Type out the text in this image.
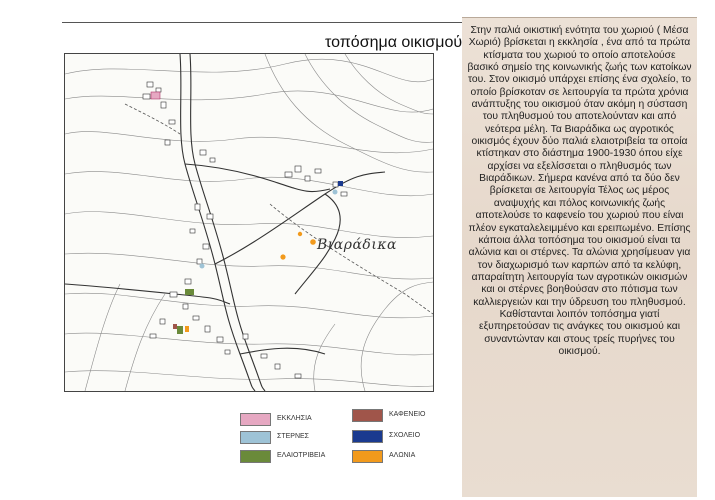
τοπόσημα οικισμού
Βιαράδικα
ΕΚΚΛΗΣΙΑ
ΚΑΦΕΝΕΙΟ
ΣΤΕΡΝΕΣ	ΣΧΟΛΕΙΟ
ΕΛΑΙΟΤΡΙΒΕΙΑ	ΑΛΩΝΙΑ

Στην παλιά οικιστική ενότητα του χωριού ( Μέσα Χωριό) βρίσκεται η εκκλησία , ένα από τα πρώτα κτίσματα του χωριού το οποίο αποτελούσε βασικό σημείο της κοινωνικής ζωής των κατοίκων του. Στον οικισμό υπάρχει επίσης ένα σχολείο, το οποίο βρίσκοταν σε λειτουργία τα πρώτα χρόνια ανάπτυξης του οικισμού όταν ακόμη η σύσταση του πληθυσμού του αποτελούνταν και από νεότερα μέλη. Τα Βιαράδικα ως αγροτικός οικισμός έχουν δύο παλιά ελαιοτριβεία τα οποία κτίστηκαν στο διάστημα 1900-1930 όπου είχε αρχίσει να εξελίσσεται ο πληθυσμός των Βιαράδικων. Σήμερα κανένα από τα δύο δεν βρίσκεται σε λειτουργία Τέλος ως μέρος αναψυχής και πόλος κοινωνικής ζωής αποτελούσε το καφενείο του χωριού που είναι πλέον εγκαταλελειμμένο και ερειπωμένο. Επίσης κάποια άλλα τοπόσημα του οικισμού είναι τα αλώνια και οι στέρνες. Τα αλώνια χρησίμευαν για τον διαχωρισμό των καρπών από τα κελύφη, απαραίτητη λειτουργία των αγροτικών οικισμών και οι στέρνες βοηθούσαν στο πότισμα των καλλιεργειών και την ύδρευση του πληθυσμού. Καθίστανται λοιπόν τοπόσημα γιατί εξυπηρετούσαν τις ανάγκες του οικισμού και συναντώνταν και στους τρείς πυρήνες του οικισμού.
